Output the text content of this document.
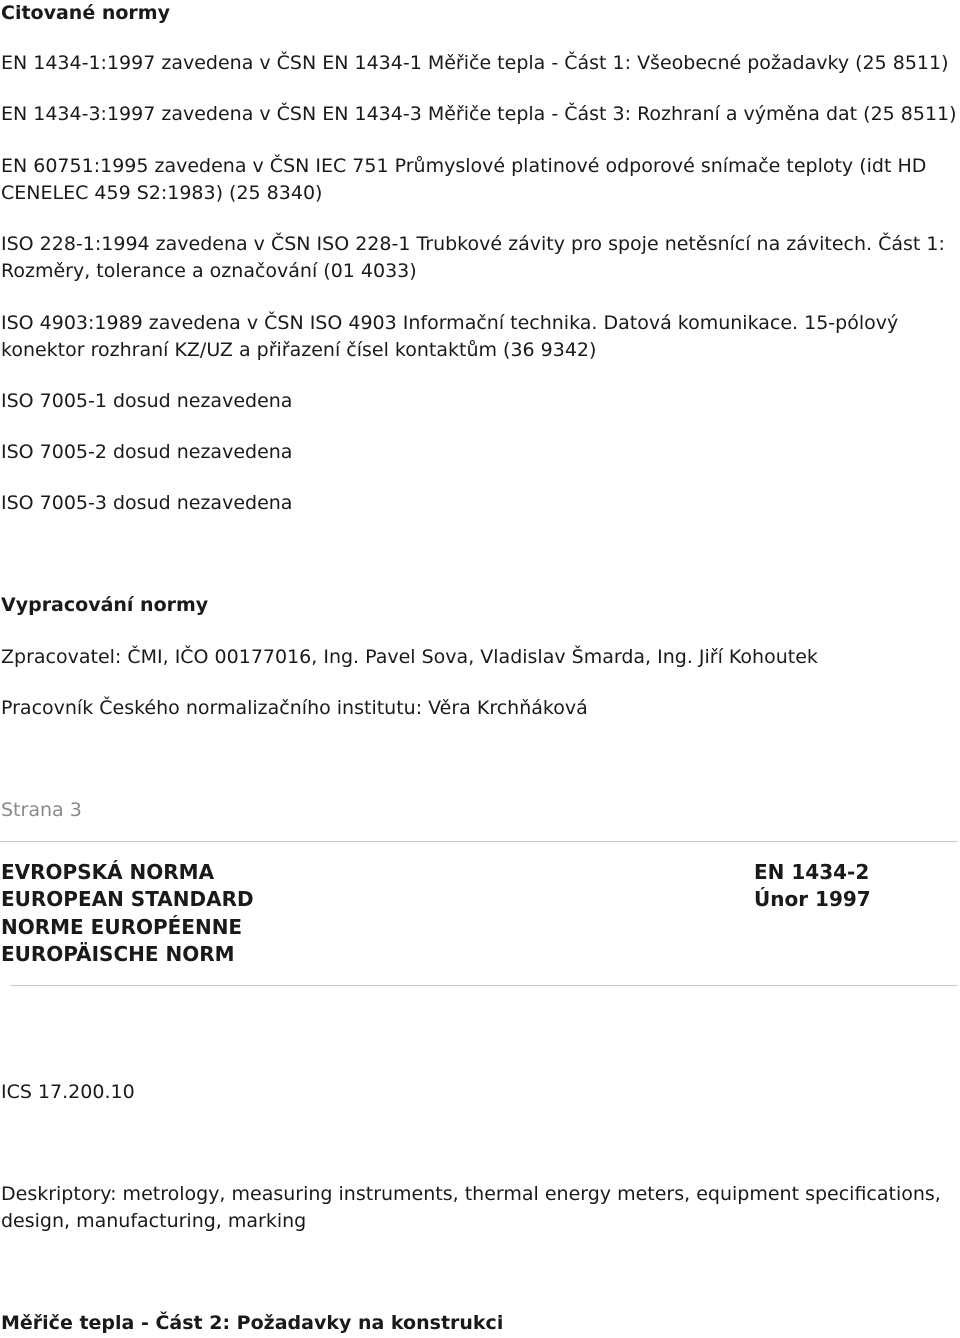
Citované normy
EN 1434-1:1997 zavedena v ČSN EN 1434-1 Měřiče tepla - Část 1: Všeobecné požadavky (25 8511)
EN 1434-3:1997 zavedena v ČSN EN 1434-3 Měřiče tepla - Část 3: Rozhraní a výměna dat (25 8511)
EN 60751:1995 zavedena v ČSN IEC 751 Průmyslové platinové odporové snímače teploty (idt HD
CENELEC 459 S2:1983) (25 8340)
ISO 228-1:1994 zavedena v ČSN ISO 228-1 Trubkové závity pro spoje netěsnící na závitech. Část 1:
Rozměry, tolerance a označování (01 4033)
ISO 4903:1989 zavedena v ČSN ISO 4903 Informační technika. Datová komunikace. 15-pólový
konektor rozhraní KZ/UZ a přiřazení čísel kontaktům (36 9342)
ISO 7005-1 dosud nezavedena
ISO 7005-2 dosud nezavedena
ISO 7005-3 dosud nezavedena
Vypracování normy
Zpracovatel: ČMI, IČO 00177016, Ing. Pavel Sova, Vladislav Šmarda, Ing. Jiří Kohoutek
Pracovník Českého normalizačního institutu: Věra Krchňáková
Strana 3
EVROPSKÁ NORMA
EUROPEAN STANDARD
NORME EUROPÉENNE
EUROPÄISCHE NORM
EN 1434-2
Únor 1997
ICS 17.200.10
Deskriptory: metrology, measuring instruments, thermal energy meters, equipment specifications,
design, manufacturing, marking
Měřiče tepla - Část 2: Požadavky na konstrukci
